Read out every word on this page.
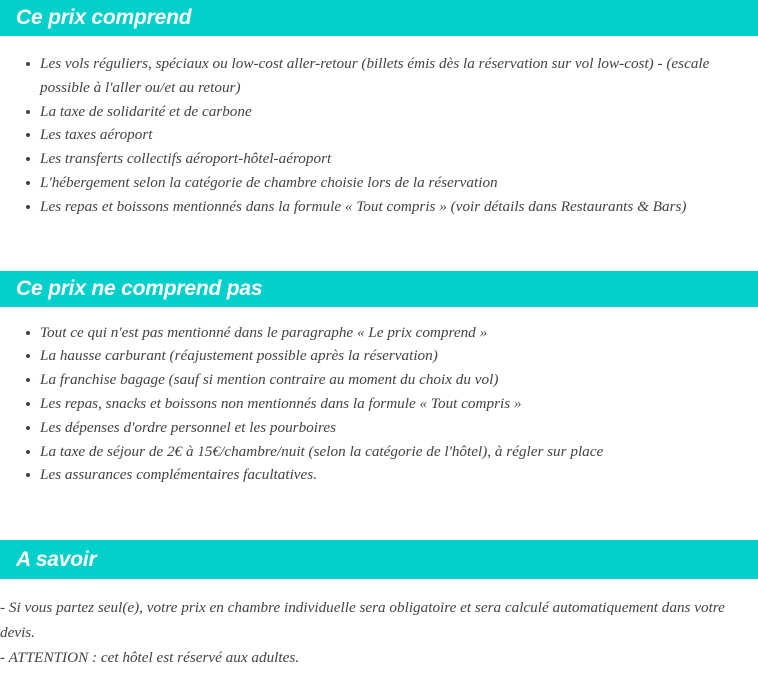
Ce prix comprend
Les vols réguliers, spéciaux ou low-cost aller-retour (billets émis dès la réservation sur vol low-cost) - (escale possible à l'aller ou/et au retour)
La taxe de solidarité et de carbone
Les taxes aéroport
Les transferts collectifs aéroport-hôtel-aéroport
L'hébergement selon la catégorie de chambre choisie lors de la réservation
Les repas et boissons mentionnés dans la formule « Tout compris » (voir détails dans Restaurants & Bars)
Ce prix ne comprend pas
Tout ce qui n'est pas mentionné dans le paragraphe « Le prix comprend »
La hausse carburant (réajustement possible après la réservation)
La franchise bagage (sauf si mention contraire au moment du choix du vol)
Les repas, snacks et boissons non mentionnés dans la formule « Tout compris »
Les dépenses d'ordre personnel et les pourboires
La taxe de séjour de 2€ à 15€/chambre/nuit (selon la catégorie de l'hôtel), à régler sur place
Les assurances complémentaires facultatives.
A savoir

- Si vous partez seul(e), votre prix en chambre individuelle sera obligatoire et sera calculé automatiquement dans votre devis.

- ATTENTION : cet hôtel est réservé aux adultes.
